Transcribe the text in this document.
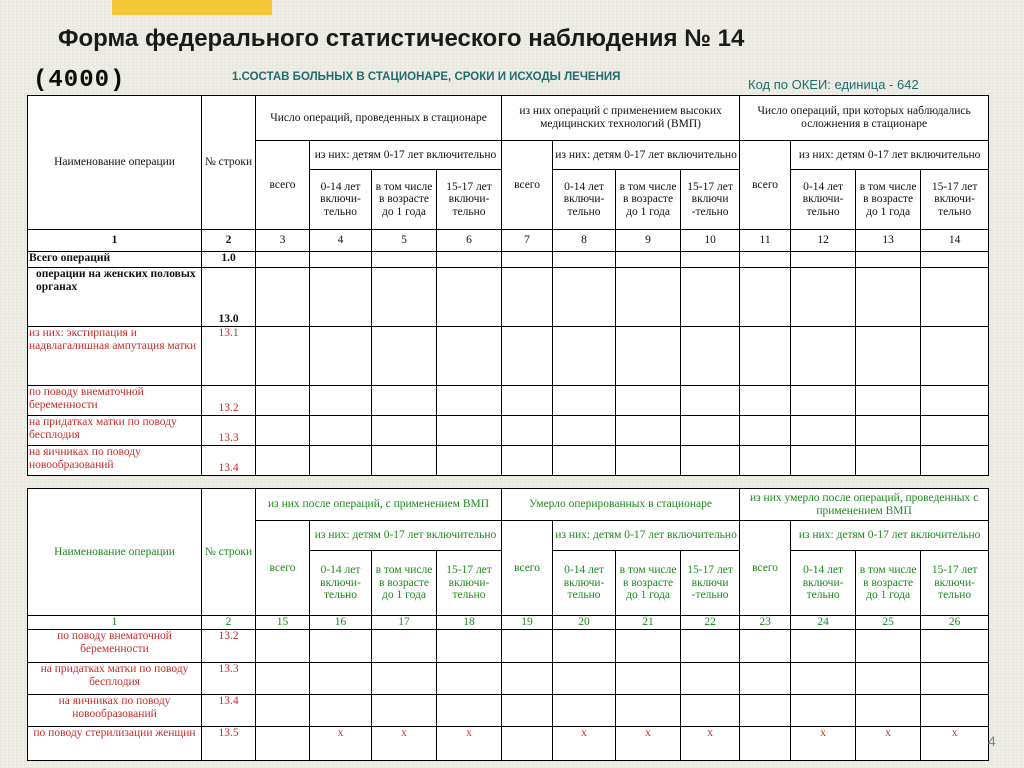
Форма федерального статистического наблюдения № 14
(4000)	1.СОСТАВ БОЛЬНЫХ В СТАЦИОНАРЕ, СРОКИ И ИСХОДЫ ЛЕЧЕНИЯ	Код по ОКЕИ: единица - 642
Наименование операции	№ строки	Число операций, проведенных в стационаре				из них операций с применением высоких медицинских технологий (ВМП)				Число операций, при которых наблюдались осложнения в стационаре			
		всего	из них: детям 0-17 лет включительно			всего	из них: детям 0-17 лет включительно			всего	из них: детям 0-17 лет включительно		
			0-14 лет включи-тельно	в том числе в возрасте до 1 года	15-17 лет включи-тельно		0-14 лет включи-тельно	в том числе в возрасте до 1 года	15-17 лет включи -тельно		0-14 лет включи-тельно	в том числе в возрасте до 1 года	15-17 лет включи-тельно
1	2	3	4	5	6	7	8	9	10	11	12	13	14
Всего операций	1.0												
операции на женских половых органах	13.0												
из них: экстирпация и надвлагалишная ампутация матки	13.1												
по поводу внематочной беременности	13.2												
на придатках матки по поводу бесплодия	13.3												
на яичниках по поводу новообразований	13.4												
Наименование операции	№ строки	из них после операций, с применением ВМП				Умерло оперированных в стационаре				из них умерло после операций, проведенных с применением ВМП			
		всего	из них: детям 0-17 лет включительно			всего	из них: детям 0-17 лет включительно			всего	из них: детям 0-17 лет включительно		
			0-14 лет включи-тельно	в том числе в возрасте до 1 года	15-17 лет включи-тельно		0-14 лет включи-тельно	в том числе в возрасте до 1 года	15-17 лет включи -тельно		0-14 лет включи-тельно	в том числе в возрасте до 1 года	15-17 лет включи-тельно
1	2	15	16	17	18	19	20	21	22	23	24	25	26
по поводу внематочной беременности	13.2												
на придатках матки по поводу бесплодия	13.3												
на яичниках по поводу новообразований	13.4												
по поводу стерилизации женщин	13.5		x	x	x		x	x	x		x	x	x 4
